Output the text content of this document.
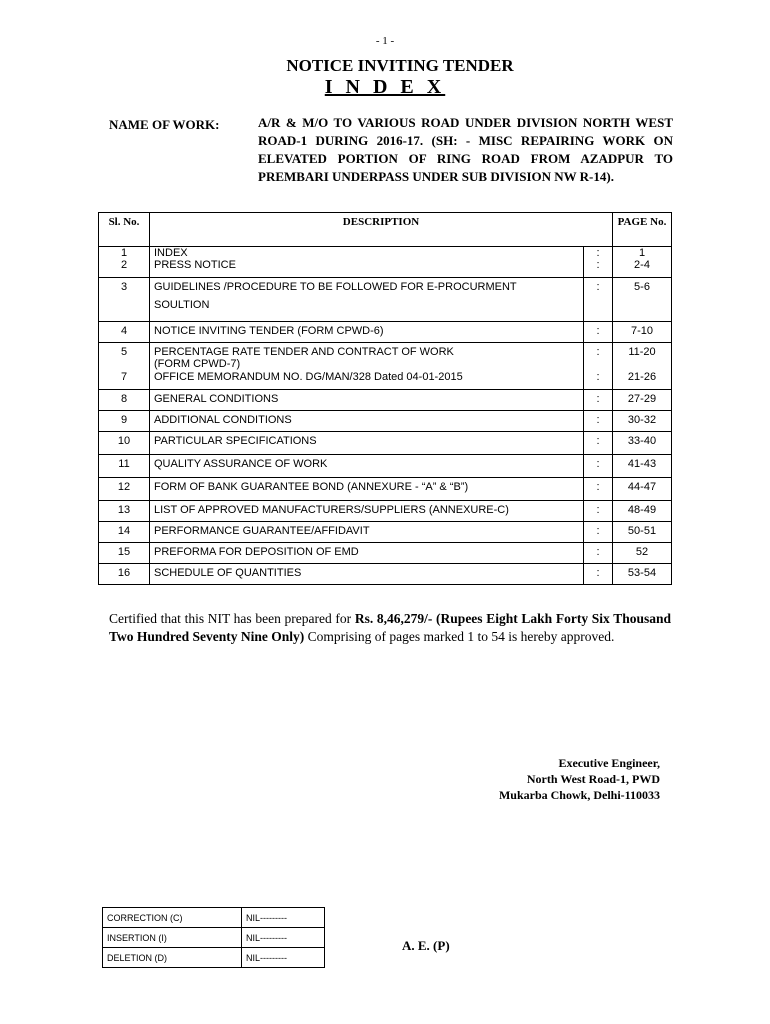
- 1 -
NOTICE INVITING TENDER
I N D E X
NAME OF WORK:	A/R & M/O TO VARIOUS ROAD UNDER DIVISION NORTH WEST ROAD-1 DURING 2016-17. (SH: - MISC REPAIRING WORK ON ELEVATED PORTION OF RING ROAD FROM AZADPUR TO PREMBARI UNDERPASS UNDER SUB DIVISION NW R-14).
Sl. No.	DESCRIPTION		PAGE No.
1	INDEX	:	1
2	PRESS NOTICE	:	2-4

3	GUIDELINES /PROCEDURE TO BE FOLLOWED FOR E-PROCURMENT
SOULTION	:	5-6

4	NOTICE INVITING TENDER (FORM CPWD-6)	:	7-10

5	PERCENTAGE RATE TENDER AND CONTRACT OF WORK
(FORM CPWD-7)	:	11-20

7	OFFICE MEMORANDUM NO. DG/MAN/328 Dated 04-01-2015	:	21-26

8	GENERAL CONDITIONS	:	27-29

9	ADDITIONAL CONDITIONS	:	30-32

10	PARTICULAR SPECIFICATIONS	:	33-40

11	QUALITY ASSURANCE OF WORK	:	41-43

12	FORM OF BANK GUARANTEE BOND (ANNEXURE - “A” & “B”)	:	44-47

13	LIST OF APPROVED MANUFACTURERS/SUPPLIERS (ANNEXURE-C)	:	48-49

14	PERFORMANCE GUARANTEE/AFFIDAVIT	:	50-51

15	PREFORMA FOR DEPOSITION OF EMD	:	52

16	SCHEDULE OF QUANTITIES	:	53-54
Certified that this NIT has been prepared for Rs. 8,46,279/- (Rupees Eight Lakh Forty Six Thousand Two Hundred Seventy Nine Only) Comprising of pages marked 1 to 54 is hereby approved.
Executive Engineer,
North West Road-1, PWD
Mukarba Chowk, Delhi-110033
CORRECTION (C)	NIL---------
INSERTION (I)	NIL---------
DELETION (D)	NIL---------
A. E. (P)
